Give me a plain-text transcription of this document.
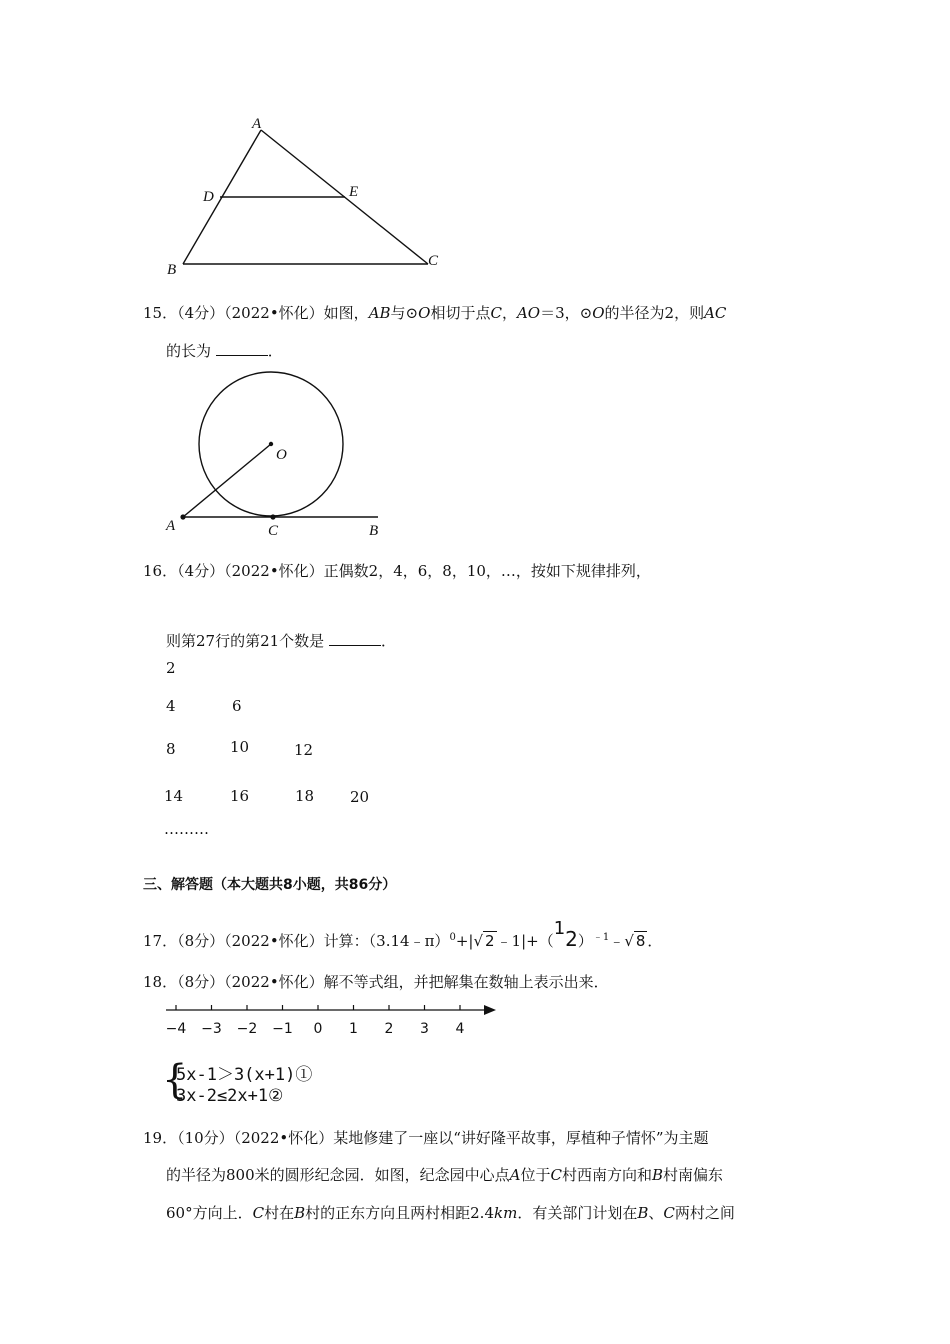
A
D	E
B
C
15．（4分）（2022•怀化）如图，AB与⊙O相切于点C，AO＝3，⊙O的半径为2，则AC
的长为	．
O
A	C	B
16．（4分）（2022•怀化）正偶数2，4，6，8，10，…，按如下规律排列，
则第27行的第21个数是	．
2
4	6
8	10	12
14	16	18 20
………
三、解答题（本大题共8小题，共86分）
17．（8分）（2022•怀化）计算：（3.14﹣π）$^0$+|√ 2 ﹣1|+（
1 2）$^{﹣1}$﹣√ 8 ．
18．（8分）（2022•怀化）解不等式组，并把解集在数轴上表示出来．
−4 −3 −2 −1 0 1 2 3 4
{
5x-1＞3(x+1)①
3x-2≤2x+1②
19．（10分）（2022•怀化）某地修建了一座以“讲好隆平故事，厚植种子情怀”为主题
的半径为800米的圆形纪念园．如图，纪念园中心点A位于C村西南方向和B村南偏东
60°方向上．C村在B村的正东方向且两村相距2.4km．有关部门计划在B、C两村之间
